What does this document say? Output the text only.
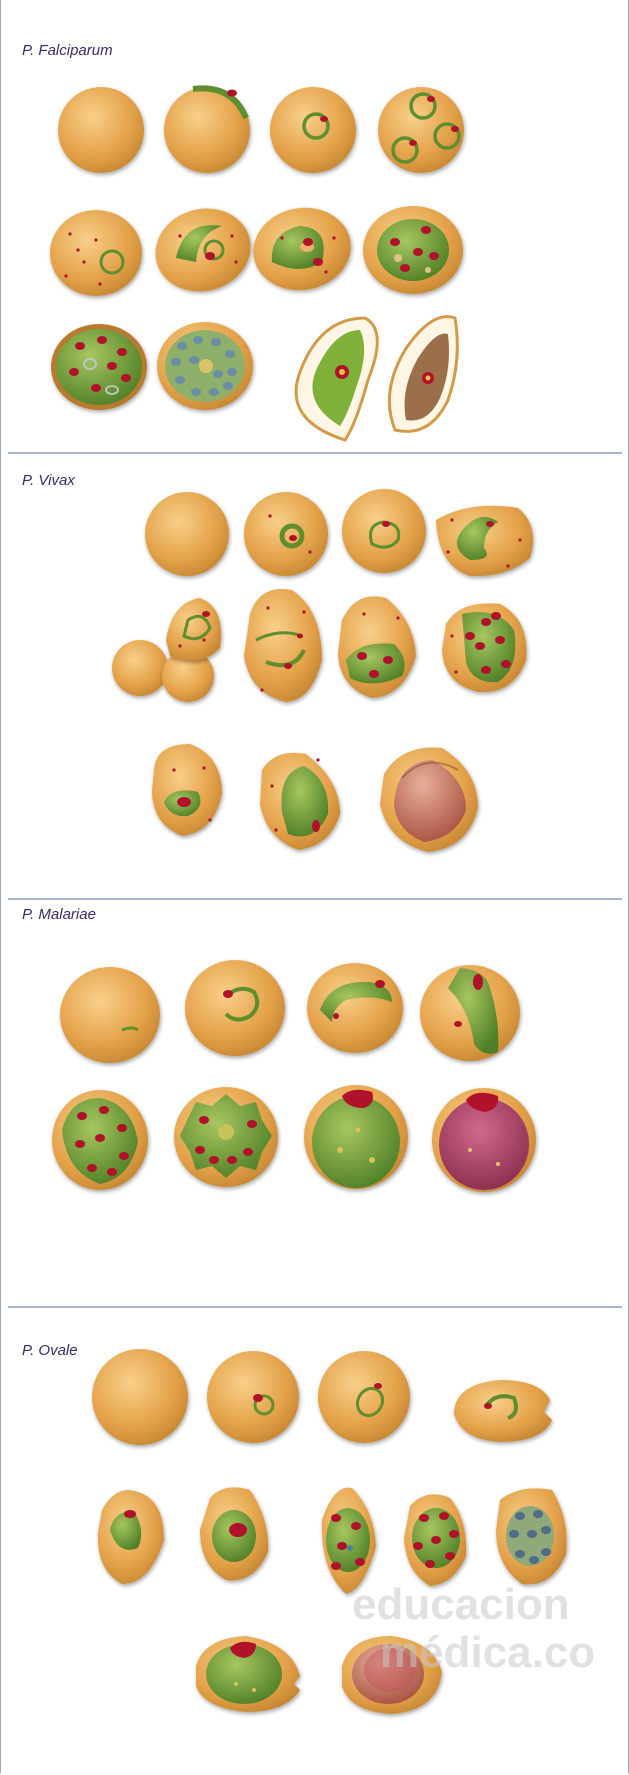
P. Falciparum
P. Vivax
P. Malariae
P. Ovale
educacion
médica.co
